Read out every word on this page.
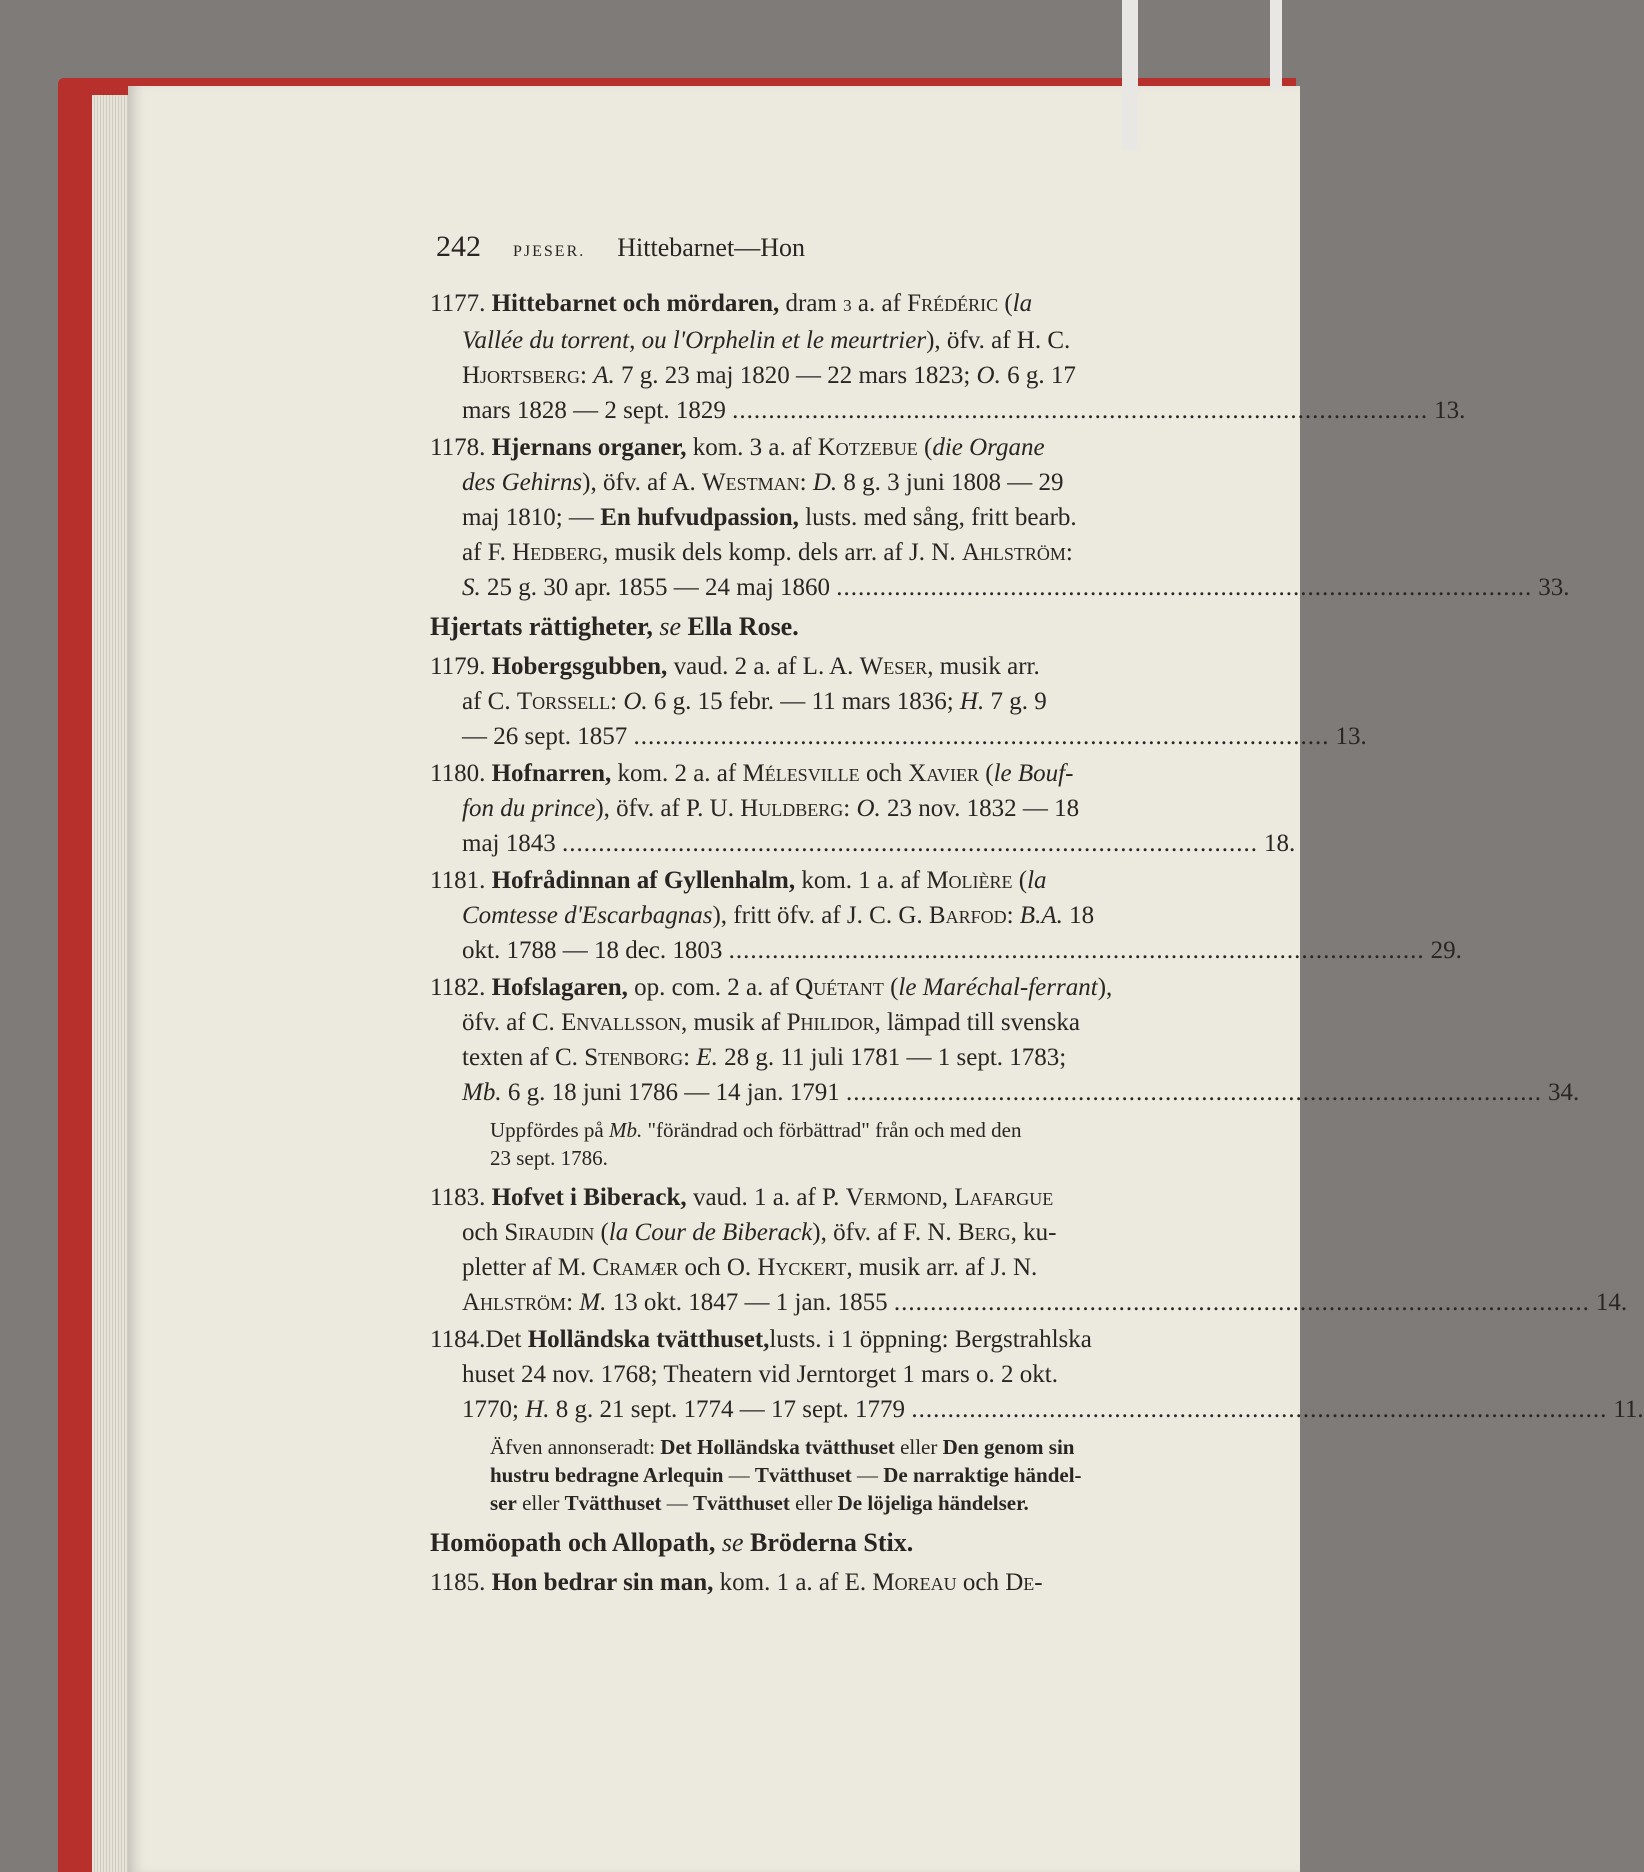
242 PJESER. Hittebarnet—Hon

1177. Hittebarnet och mördaren, dram 3 a. af Frédéric (la

Vallée du torrent, ou l'Orphelin et le meurtrier), öfv. af H. C.

Hjortsberg: A. 7 g. 23 maj 1820 — 22 mars 1823; O. 6 g. 17

mars 1828 — 2 sept. 1829 ................................................................................................ 13.

1178. Hjernans organer, kom. 3 a. af Kotzebue (die Organe

des Gehirns), öfv. af A. Westman: D. 8 g. 3 juni 1808 — 29

maj 1810; — En hufvudpassion, lusts. med sång, fritt bearb.

af F. Hedberg, musik dels komp. dels arr. af J. N. Ahlström:

S. 25 g. 30 apr. 1855 — 24 maj 1860 ................................................................................................ 33.
Hjertats rättigheter, se Ella Rose.

1179. Hobergsgubben, vaud. 2 a. af L. A. Weser, musik arr.

af C. Torssell: O. 6 g. 15 febr. — 11 mars 1836; H. 7 g. 9

— 26 sept. 1857 ................................................................................................ 13.

1180. Hofnarren, kom. 2 a. af Mélesville och Xavier (le Bouf-

fon du prince), öfv. af P. U. Huldberg: O. 23 nov. 1832 — 18

maj 1843 ................................................................................................ 18.

1181. Hofrådinnan af Gyllenhalm, kom. 1 a. af Molière (la

Comtesse d'Escarbagnas), fritt öfv. af J. C. G. Barfod: B.A. 18

okt. 1788 — 18 dec. 1803 ................................................................................................ 29.

1182. Hofslagaren, op. com. 2 a. af Quétant (le Maréchal-ferrant),

öfv. af C. Envallsson, musik af Philidor, lämpad till svenska

texten af C. Stenborg: E. 28 g. 11 juli 1781 — 1 sept. 1783;

Mb. 6 g. 18 juni 1786 — 14 jan. 1791 ................................................................................................ 34.
Uppfördes på Mb. "förändrad och förbättrad" från och med den
23 sept. 1786.

1183. Hofvet i Biberack, vaud. 1 a. af P. Vermond, Lafargue

och Siraudin (la Cour de Biberack), öfv. af F. N. Berg, ku-

pletter af M. Cramær och O. Hyckert, musik arr. af J. N.

Ahlström: M. 13 okt. 1847 — 1 jan. 1855 ................................................................................................ 14.

1184.Det Holländska tvätthuset,lusts. i 1 öppning: Bergstrahlska

huset 24 nov. 1768; Theatern vid Jerntorget 1 mars o. 2 okt.

1770; H. 8 g. 21 sept. 1774 — 17 sept. 1779 ................................................................................................ 11.
Äfven annonseradt: Det Holländska tvätthuset eller Den genom sin
hustru bedragne Arlequin — Tvätthuset — De narraktige händel-
ser eller Tvätthuset — Tvätthuset eller De löjeliga händelser.
Homöopath och Allopath, se Bröderna Stix.

1185. Hon bedrar sin man, kom. 1 a. af E. Moreau och De-
